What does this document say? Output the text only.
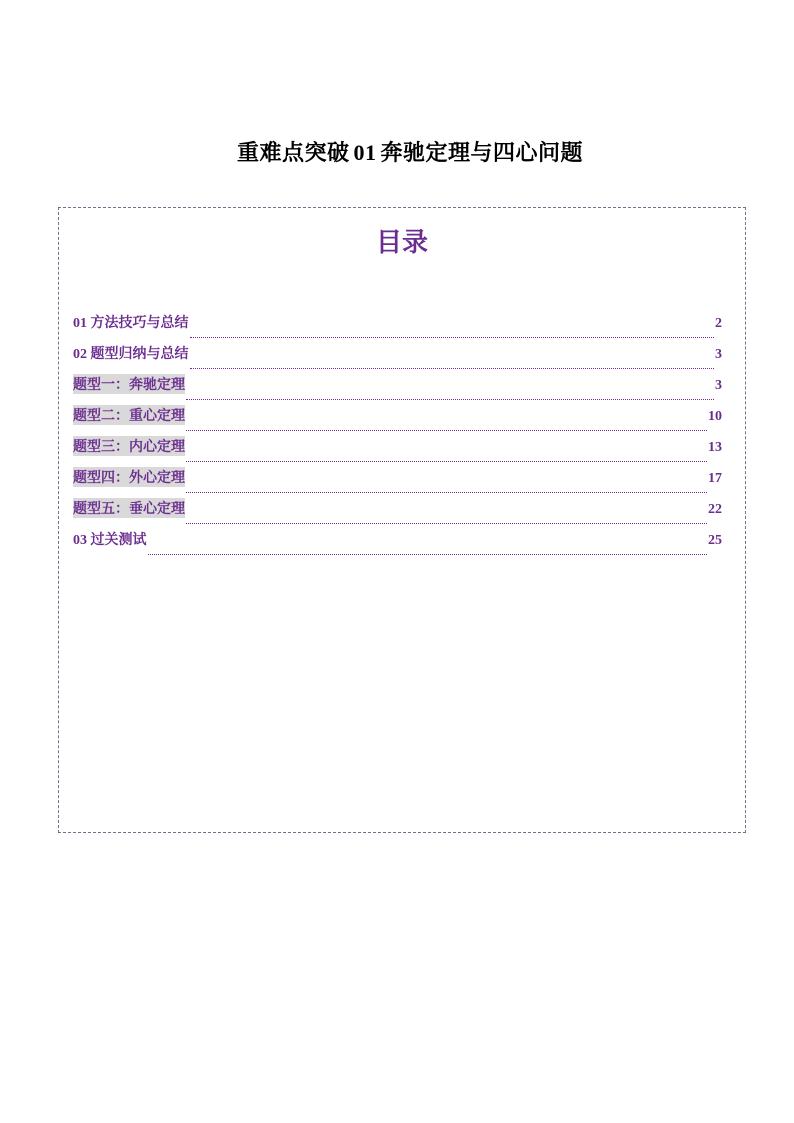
重难点突破 01 奔驰定理与四心问题
目录
01 方法技巧与总结	2
02 题型归纳与总结	3
题型一：奔驰定理	3
题型二：重心定理	10
题型三：内心定理	13
题型四：外心定理	17
题型五：垂心定理	22
03 过关测试	25
